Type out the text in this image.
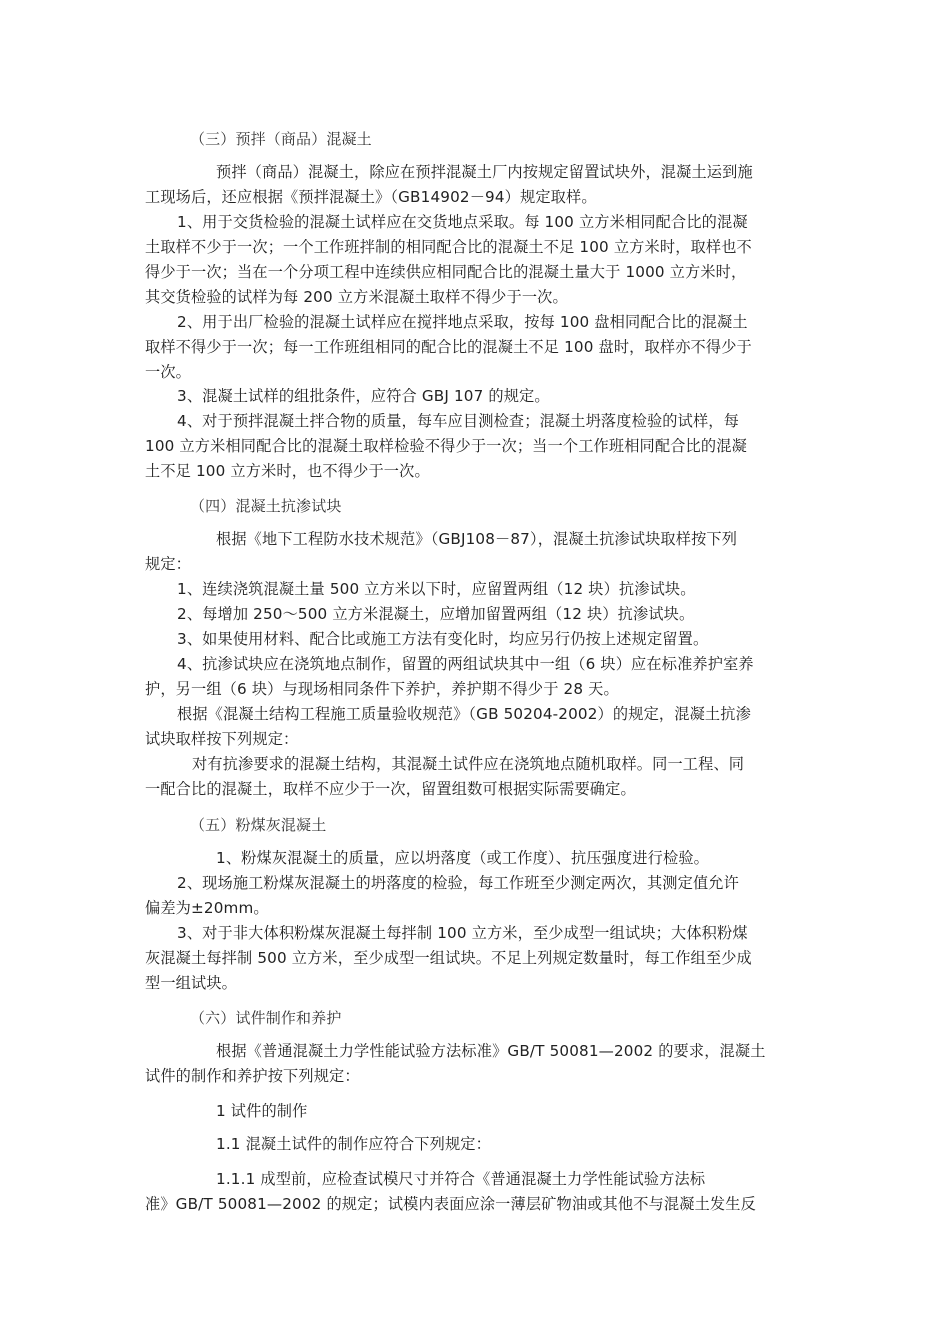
（三）预拌（商品）混凝土
预拌（商品）混凝土，除应在预拌混凝土厂内按规定留置试块外，混凝土运到施
工现场后，还应根据《预拌混凝土》（GB14902－94）规定取样。
1、用于交货检验的混凝土试样应在交货地点采取。每 100 立方米相同配合比的混凝
土取样不少于一次；一个工作班拌制的相同配合比的混凝土不足 100 立方米时，取样也不
得少于一次；当在一个分项工程中连续供应相同配合比的混凝土量大于 1000 立方米时，
其交货检验的试样为每 200 立方米混凝土取样不得少于一次。
2、用于出厂检验的混凝土试样应在搅拌地点采取，按每 100 盘相同配合比的混凝土
取样不得少于一次；每一工作班组相同的配合比的混凝土不足 100 盘时，取样亦不得少于
一次。
3、混凝土试样的组批条件，应符合 GBJ 107 的规定。
4、对于预拌混凝土拌合物的质量，每车应目测检查；混凝土坍落度检验的试样，每
100 立方米相同配合比的混凝土取样检验不得少于一次；当一个工作班相同配合比的混凝
土不足 100 立方米时，也不得少于一次。
（四）混凝土抗渗试块
根据《地下工程防水技术规范》（GBJ108－87），混凝土抗渗试块取样按下列
规定：
1、连续浇筑混凝土量 500 立方米以下时，应留置两组（12 块）抗渗试块。
2、每增加 250～500 立方米混凝土，应增加留置两组（12 块）抗渗试块。
3、如果使用材料、配合比或施工方法有变化时，均应另行仍按上述规定留置。
4、抗渗试块应在浇筑地点制作，留置的两组试块其中一组（6 块）应在标准养护室养
护，另一组（6 块）与现场相同条件下养护，养护期不得少于 28 天。
根据《混凝土结构工程施工质量验收规范》（GB 50204-2002）的规定，混凝土抗渗
试块取样按下列规定：
对有抗渗要求的混凝土结构，其混凝土试件应在浇筑地点随机取样。同一工程、同
一配合比的混凝土，取样不应少于一次，留置组数可根据实际需要确定。
（五）粉煤灰混凝土
1、粉煤灰混凝土的质量，应以坍落度（或工作度）、抗压强度进行检验。
2、现场施工粉煤灰混凝土的坍落度的检验，每工作班至少测定两次，其测定值允许
偏差为±20mm。
3、对于非大体积粉煤灰混凝土每拌制 100 立方米，至少成型一组试块；大体积粉煤
灰混凝土每拌制 500 立方米，至少成型一组试块。不足上列规定数量时，每工作组至少成
型一组试块。
（六）试件制作和养护
根据《普通混凝土力学性能试验方法标准》GB/T 50081—2002 的要求，混凝土
试件的制作和养护按下列规定：
1 试件的制作
1.1 混凝土试件的制作应符合下列规定：
1.1.1 成型前，应检查试模尺寸并符合《普通混凝土力学性能试验方法标
准》GB/T 50081—2002 的规定；试模内表面应涂一薄层矿物油或其他不与混凝土发生反
